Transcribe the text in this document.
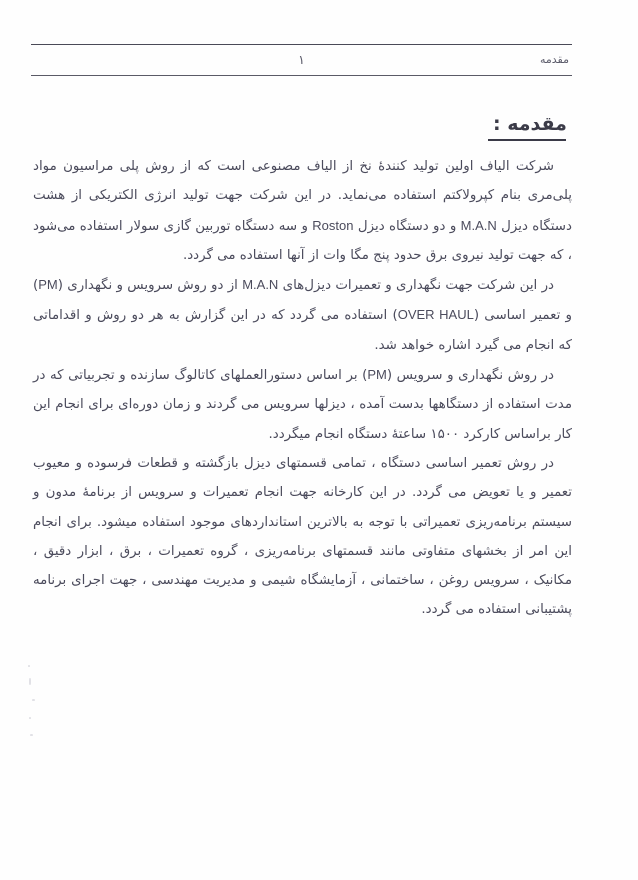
۱	مقدمه
مقدمه :

شرکت الیاف اولین تولید کنندۀ نخ از الیاف مصنوعی است که از روش پلی مراسیون مواد پلی‌مری بنام کپرولاکتم استفاده می‌نماید. در این شرکت جهت تولید انرژی الکتریکی از هشت دستگاه دیزل M.A.N و دو دستگاه دیزل Roston و سه دستگاه توربین گازی سولار استفاده می‌شود ، که جهت تولید نیروی برق حدود پنج مگا وات از آنها استفاده می گردد.

در این شرکت جهت نگهداری و تعمیرات دیزل‌های M.A.N از دو روش سرویس و نگهداری (PM) و تعمیر اساسی (OVER HAUL) استفاده می گردد که در این گزارش به هر دو روش و اقداماتی که انجام می گیرد اشاره خواهد شد.

در روش نگهداری و سرویس (PM) بر اساس دستورالعملهای کاتالوگ سازنده و تجربیاتی که در مدت استفاده از دستگاهها بدست آمده ، دیزلها سرویس می گردند و زمان دوره‌ای برای انجام این کار براساس کارکرد ۱۵۰۰ ساعتۀ دستگاه انجام میگردد.

در روش تعمیر اساسی دستگاه ، تمامی قسمتهای دیزل بازگشته و قطعات فرسوده و معیوب تعمیر و یا تعویض می گردد. در این کارخانه جهت انجام تعمیرات و سرویس از برنامۀ مدون و سیستم برنامه‌ریزی تعمیراتی با توجه به بالاترین استانداردهای موجود استفاده میشود. برای انجام این امر از بخشهای متفاوتی مانند قسمتهای برنامه‌ریزی ، گروه تعمیرات ، برق ، ابزار دقیق ، مکانیک ، سرویس روغن ، ساختمانی ، آزمایشگاه شیمی و مدیریت مهندسی ، جهت اجرای برنامه پشتیبانی استفاده می گردد.
